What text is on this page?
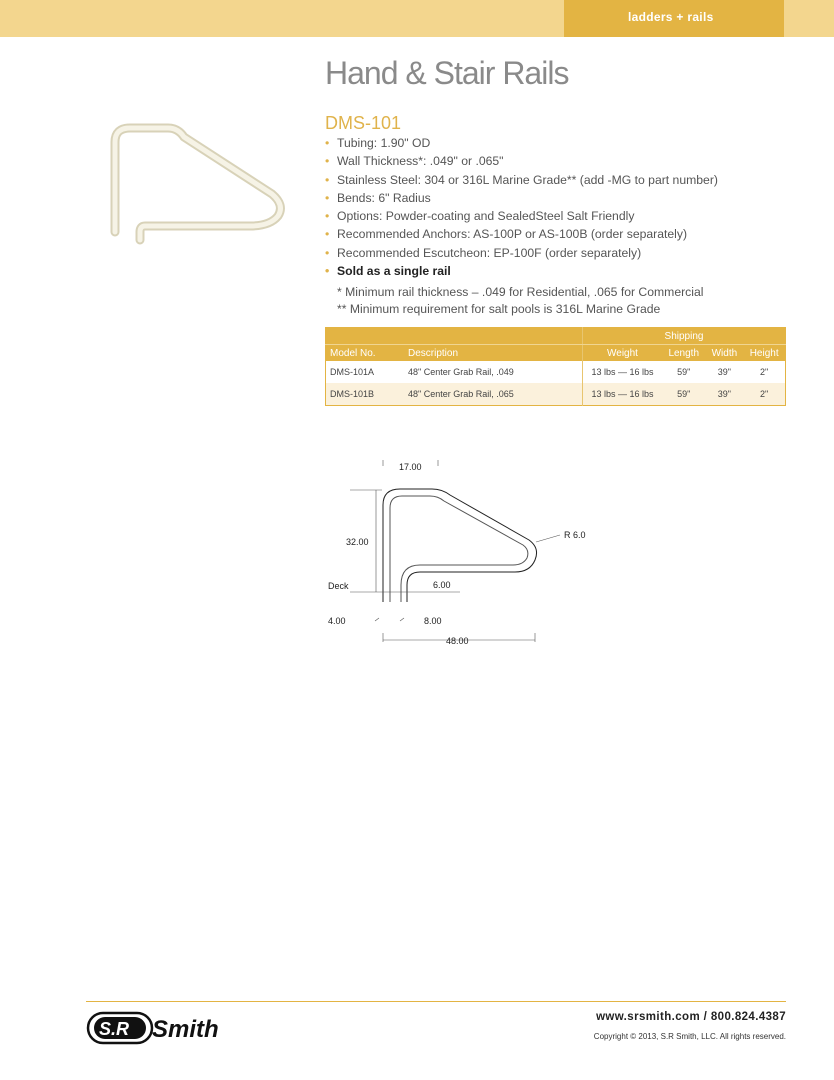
ladders + rails
Hand & Stair Rails
DMS-101
• Tubing: 1.90" OD
• Wall Thickness*: .049" or .065"
• Stainless Steel: 304 or 316L Marine Grade** (add -MG to part number)
• Bends: 6" Radius
• Options: Powder-coating and SealedSteel Salt Friendly
• Recommended Anchors: AS-100P or AS-100B (order separately)
• Recommended Escutcheon: EP-100F (order separately)
• Sold as a single rail
* Minimum rail thickness – .049 for Residential, .065 for Commercial
** Minimum requirement for salt pools is 316L Marine Grade
		Shipping			
Model No.	Description	Weight	Length	Width	Height
DMS-101A	48" Center Grab Rail, .049	13 lbs — 16 lbs	59"	39"	2"
DMS-101B	48" Center Grab Rail, .065	13 lbs — 16 lbs	59"	39"	2"
17.00
32.00
R 6.0
Deck	6.00
4.00	8.00
48.00
S.R Smith	www.srsmith.com / 800.824.4387
Copyright © 2013, S.R Smith, LLC. All rights reserved.
